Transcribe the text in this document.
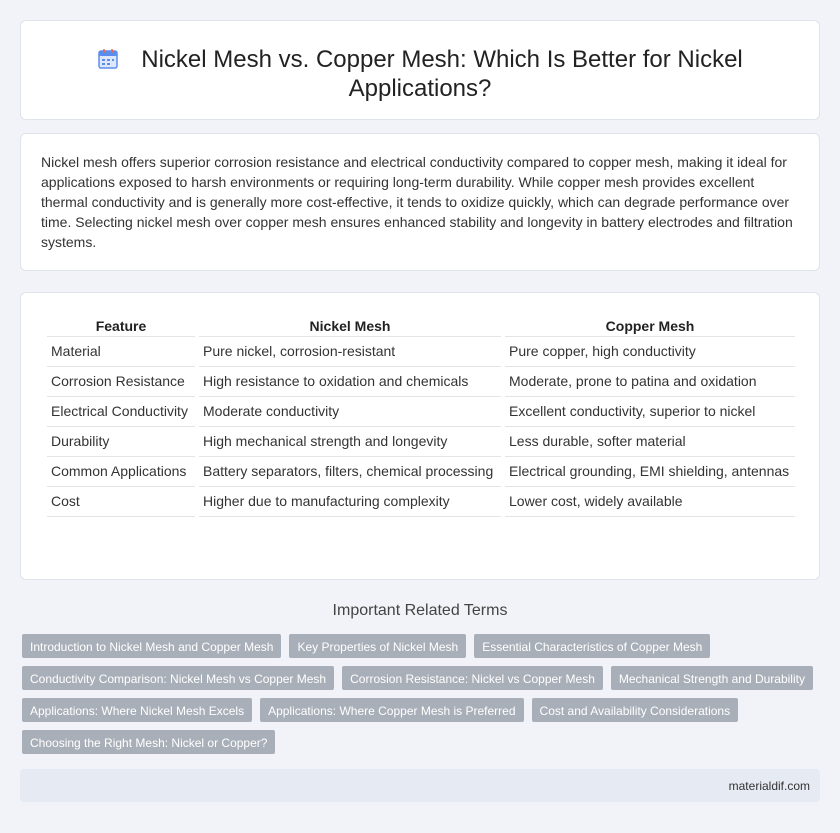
Nickel Mesh vs. Copper Mesh: Which Is Better for Nickel Applications?

Nickel mesh offers superior corrosion resistance and electrical conductivity compared to copper mesh, making it ideal for applications exposed to harsh environments or requiring long-term durability. While copper mesh provides excellent thermal conductivity and is generally more cost-effective, it tends to oxidize quickly, which can degrade performance over time. Selecting nickel mesh over copper mesh ensures enhanced stability and longevity in battery electrodes and filtration systems.

Feature	Nickel Mesh	Copper Mesh
Material	Pure nickel, corrosion-resistant	Pure copper, high conductivity
Corrosion Resistance	High resistance to oxidation and chemicals	Moderate, prone to patina and oxidation
Electrical Conductivity	Moderate conductivity	Excellent conductivity, superior to nickel
Durability	High mechanical strength and longevity	Less durable, softer material
Common Applications	Battery separators, filters, chemical processing	Electrical grounding, EMI shielding, antennas
Cost	Higher due to manufacturing complexity	Lower cost, widely available
Important Related Terms
Introduction to Nickel Mesh and Copper Mesh	Key Properties of Nickel Mesh	Essential Characteristics of Copper Mesh
Conductivity Comparison: Nickel Mesh vs Copper Mesh	Corrosion Resistance: Nickel vs Copper Mesh	Mechanical Strength and Durability
Applications: Where Nickel Mesh Excels	Applications: Where Copper Mesh is Preferred	Cost and Availability Considerations
Choosing the Right Mesh: Nickel or Copper?
materialdif.com
